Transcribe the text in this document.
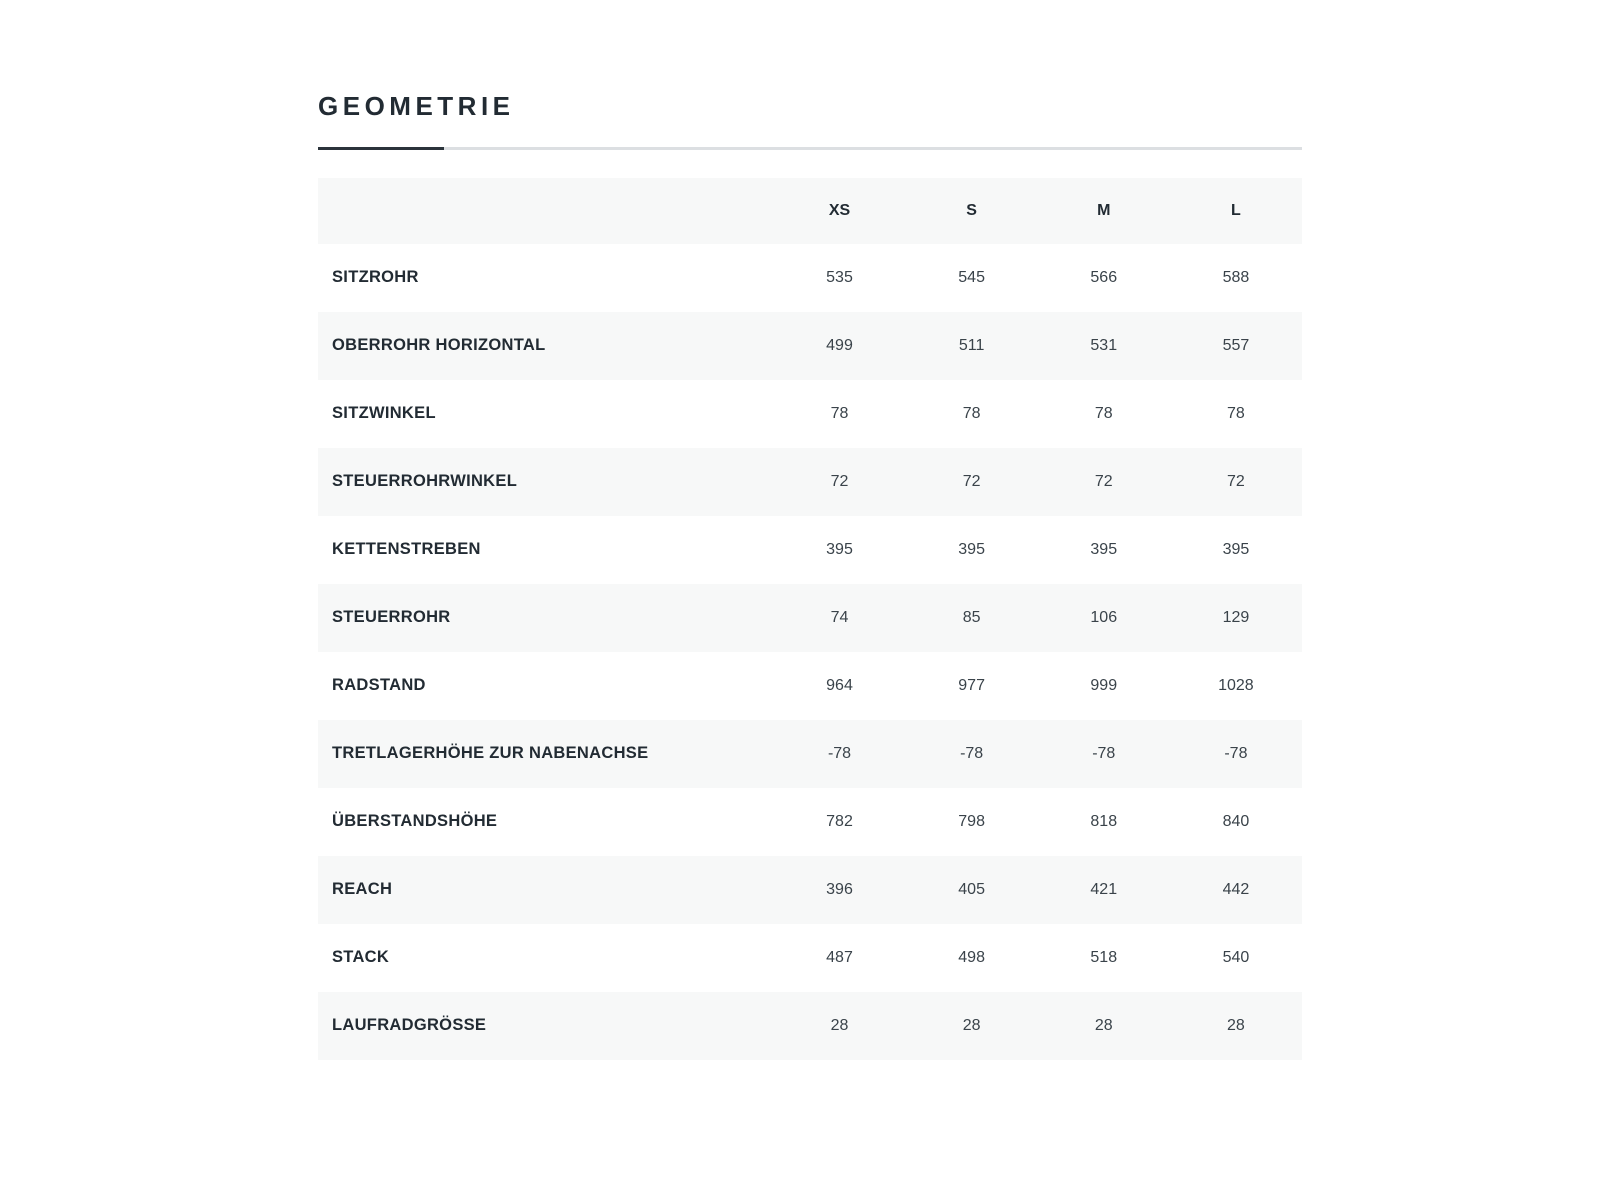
GEOMETRIE
	XS	S	M	L
SITZROHR	535	545	566	588
OBERROHR HORIZONTAL	499	511	531	557
SITZWINKEL	78	78	78	78
STEUERROHRWINKEL	72	72	72	72
KETTENSTREBEN	395	395	395	395
STEUERROHR	74	85	106	129
RADSTAND	964	977	999	1028
TRETLAGERHÖHE ZUR NABENACHSE	-78	-78	-78	-78
ÜBERSTANDSHÖHE	782	798	818	840
REACH	396	405	421	442
STACK	487	498	518	540
LAUFRADGRÖSSE	28	28	28	28
